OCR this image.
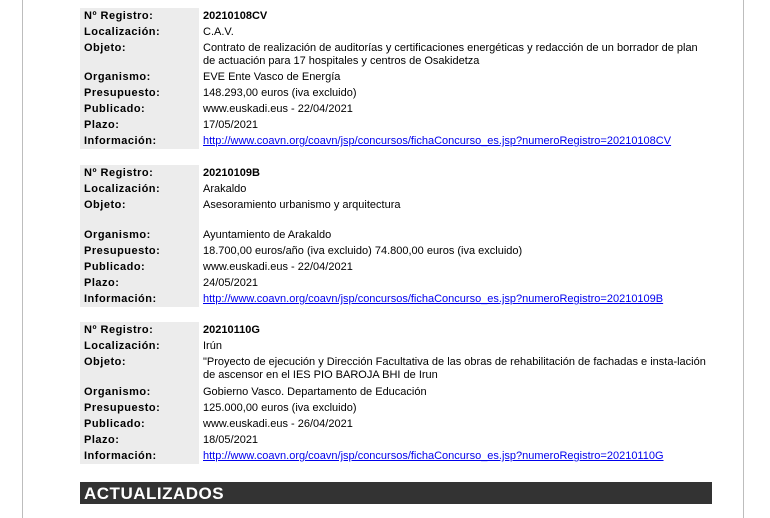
Nº Registro:	20210108CV
Localización:	C.A.V.
Objeto:	Contrato de realización de auditorías y certificaciones energéticas y redacción de un borrador de plan de actuación para 17 hospitales y centros de Osakidetza
Organismo:	EVE Ente Vasco de Energía
Presupuesto:	148.293,00 euros (iva excluido)
Publicado:	www.euskadi.eus - 22/04/2021
Plazo:	17/05/2021
Información:	http://www.coavn.org/coavn/jsp/concursos/fichaConcurso_es.jsp?numeroRegistro=20210108CV
Nº Registro:	20210109B
Localización:	Arakaldo
Objeto:	Asesoramiento urbanismo y arquitectura
Organismo:	Ayuntamiento de Arakaldo
Presupuesto:	18.700,00 euros/año (iva excluido) 74.800,00 euros (iva excluido)
Publicado:	www.euskadi.eus - 22/04/2021
Plazo:	24/05/2021
Información:	http://www.coavn.org/coavn/jsp/concursos/fichaConcurso_es.jsp?numeroRegistro=20210109B
Nº Registro:	20210110G
Localización:	Irún
Objeto:	"Proyecto de ejecución y Dirección Facultativa de las obras de rehabilitación de fachadas e insta-lación de ascensor en el IES PIO BAROJA BHI de Irun
Organismo:	Gobierno Vasco. Departamento de Educación
Presupuesto:	125.000,00 euros (iva excluido)
Publicado:	www.euskadi.eus - 26/04/2021
Plazo:	18/05/2021
Información:	http://www.coavn.org/coavn/jsp/concursos/fichaConcurso_es.jsp?numeroRegistro=20210110G
ACTUALIZADOS
